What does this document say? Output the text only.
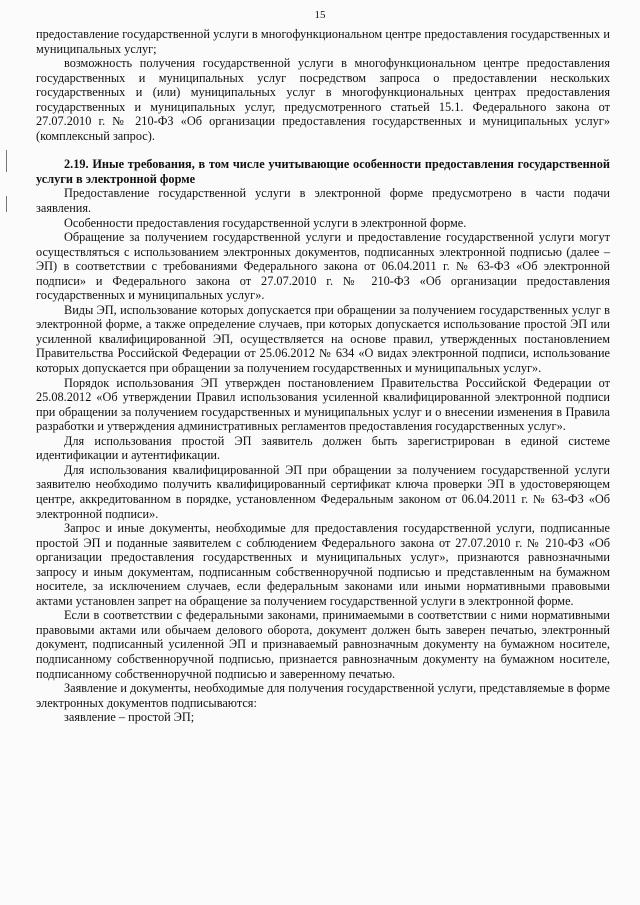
15

предоставление государственной услуги в многофункциональном центре предоставления государственных и муниципальных услуг;

возможность получения государственной услуги в многофункциональном центре предоставления государственных и муниципальных услуг посредством запроса о предоставлении нескольких государственных и (или) муниципальных услуг в многофункциональных центрах предоставления государственных и муниципальных услуг, предусмотренного статьей 15.1. Федерального закона от 27.07.2010 г. № 210-ФЗ «Об организации предоставления государственных и муниципальных услуг» (комплексный запрос).

2.19. Иные требования, в том числе учитывающие особенности предоставления государственной услуги в электронной форме

Предоставление государственной услуги в электронной форме предусмотрено в части подачи заявления.

Особенности предоставления государственной услуги в электронной форме.

Обращение за получением государственной услуги и предоставление государственной услуги могут осуществляться с использованием электронных документов, подписанных электронной подписью (далее – ЭП) в соответствии с требованиями Федерального закона от 06.04.2011 г. № 63-ФЗ «Об электронной подписи» и Федерального закона от 27.07.2010 г. № 210-ФЗ «Об организации предоставления государственных и муниципальных услуг».

Виды ЭП, использование которых допускается при обращении за получением государственных услуг в электронной форме, а также определение случаев, при которых допускается использование простой ЭП или усиленной квалифицированной ЭП, осуществляется на основе правил, утвержденных постановлением Правительства Российской Федерации от 25.06.2012 № 634 «О видах электронной подписи, использование которых допускается при обращении за получением государственных и муниципальных услуг».

Порядок использования ЭП утвержден постановлением Правительства Российской Федерации от 25.08.2012 «Об утверждении Правил использования усиленной квалифицированной электронной подписи при обращении за получением государственных и муниципальных услуг и о внесении изменения в Правила разработки и утверждения административных регламентов предоставления государственных услуг».

Для использования простой ЭП заявитель должен быть зарегистрирован в единой системе идентификации и аутентификации.

Для использования квалифицированной ЭП при обращении за получением государственной услуги заявителю необходимо получить квалифицированный сертификат ключа проверки ЭП в удостоверяющем центре, аккредитованном в порядке, установленном Федеральным законом от 06.04.2011 г. № 63-ФЗ «Об электронной подписи».

Запрос и иные документы, необходимые для предоставления государственной услуги, подписанные простой ЭП и поданные заявителем с соблюдением Федерального закона от 27.07.2010 г. № 210-ФЗ «Об организации предоставления государственных и муниципальных услуг», признаются равнозначными запросу и иным документам, подписанным собственноручной подписью и представленным на бумажном носителе, за исключением случаев, если федеральным законами или иными нормативными правовыми актами установлен запрет на обращение за получением государственной услуги в электронной форме.

Если в соответствии с федеральными законами, принимаемыми в соответствии с ними нормативными правовыми актами или обычаем делового оборота, документ должен быть заверен печатью, электронный документ, подписанный усиленной ЭП и признаваемый равнозначным документу на бумажном носителе, подписанному собственноручной подписью, признается равнозначным документу на бумажном носителе, подписанному собственноручной подписью и заверенному печатью.

Заявление и документы, необходимые для получения государственной услуги, представляемые в форме электронных документов подписываются:

заявление – простой ЭП;
